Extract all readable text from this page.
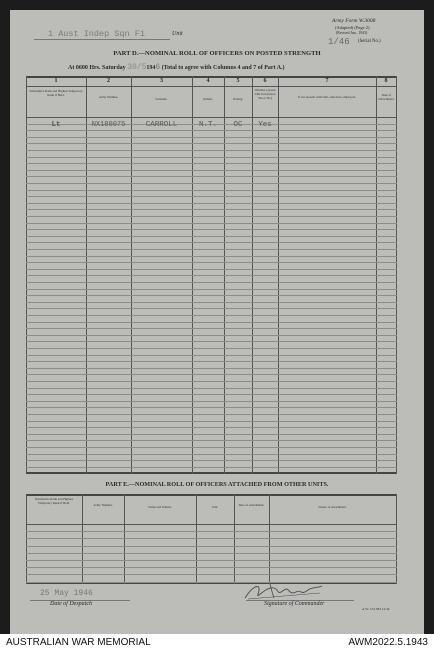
1 Aust Indep Sqn F1	Unit
Army Form W.3008
(Adapted) (Page 2)
(Revised Jan., 1943)
1/46 (Serial No.)
PART D.—NOMINAL ROLL OF OFFICERS ON POSTED STRENGTH
At 0600 Hrs. Saturday 30/51946 (Total to agree with Columns 4 and 7 of Part A.)
1	2	3	4	5	6	7	8
Substantive Rank and Highest Temporary Rank if Held.
Army Number.	Surname.	Initials.	Posting.
Whether present with Unit (insert Yes or No)	If not present with Unit, state how employed.	Date of Detachment.
Lt	NX180075	CARROLL	N.T.	OC	Yes
PART E.—NOMINAL ROLL OF OFFICERS ATTACHED FROM OTHER UNITS.
Substantive Rank and Highest Temporary Rank if Held.
Army Number.	Name and Initials.	Unit.	Date of Attachment.	Nature of Attachment.
25 May 1946
Date of Despatch	Signature of Commander
A.W. 154 584 12/44
AUSTRALIAN WAR MEMORIAL	AWM2022.5.1943
